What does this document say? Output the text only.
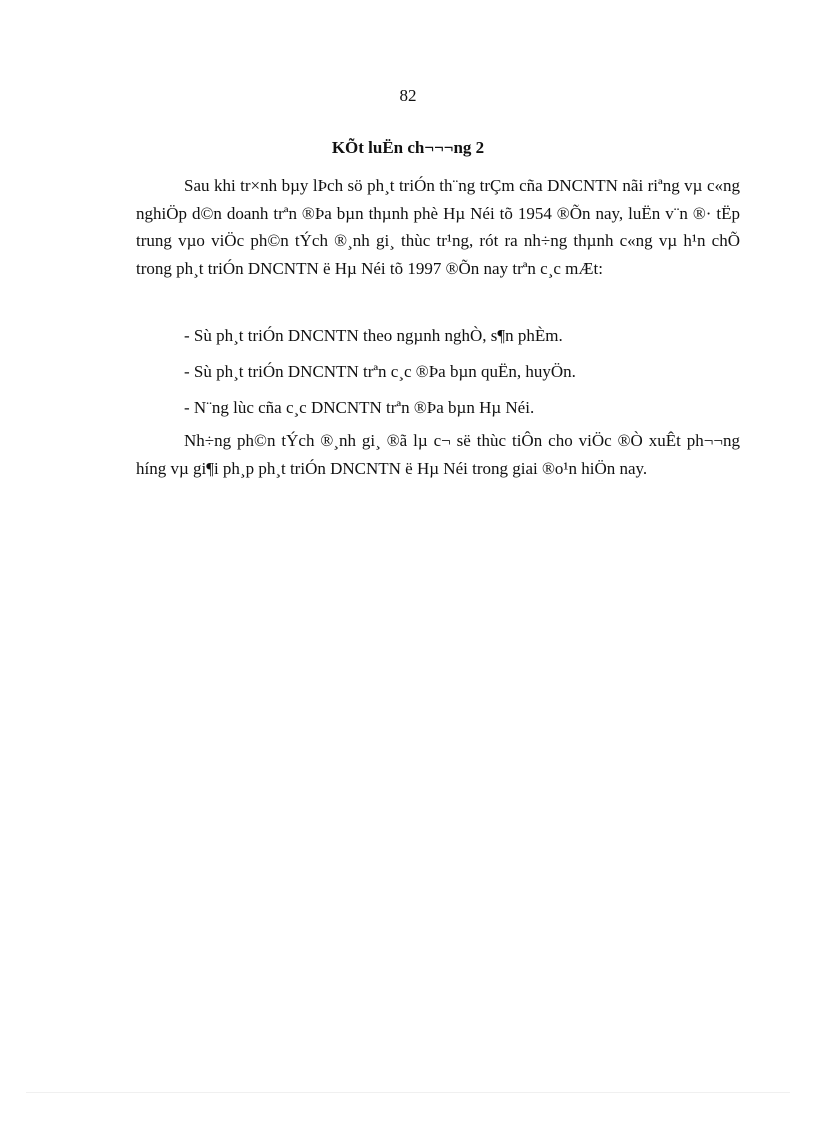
82
KÕt luËn ch¬¬¬ng 2
Sau khi tr×nh bµy lÞch sö ph¸t triÓn th¨ng trÇm cña DNCNTN nãi riªng vµ c«ng nghiÖp d©n doanh trªn ®Þa bµn thµnh phè Hµ Néi tõ 1954 ®Õn nay, luËn v¨n ®· tËp trung vµo viÖc ph©n tÝch ®¸nh gi¸ thùc tr¹ng, rót ra nh÷ng thµnh c«ng vµ h¹n chÕ trong ph¸t triÓn DNCNTN ë Hµ Néi tõ 1997 ®Õn nay trªn c¸c mÆt:
- Sù ph¸t triÓn DNCNTN theo ngµnh nghÒ, s¶n phÈm.
- Sù ph¸t triÓn DNCNTN trªn c¸c ®Þa bµn quËn, huyÖn.
- N¨ng lùc cña c¸c DNCNTN trªn ®Þa bµn Hµ Néi.
Nh÷ng ph©n tÝch ®¸nh gi¸ ®ã lµ c¬ së thùc tiÔn cho viÖc ®Ò xuÊt ph¬¬ng híng vµ gi¶i ph¸p ph¸t triÓn DNCNTN ë Hµ Néi trong giai ®o¹n hiÖn nay.
